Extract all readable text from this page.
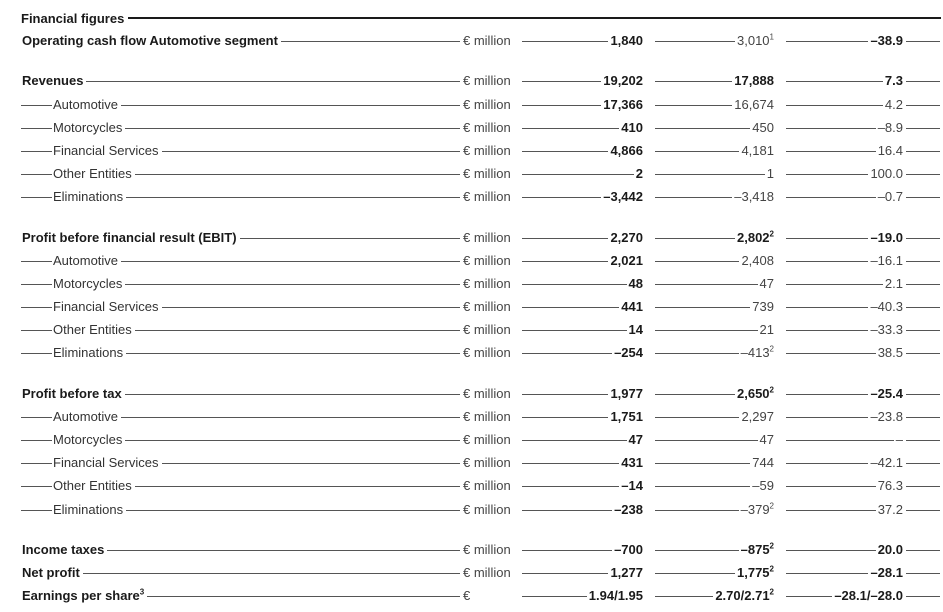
Financial figures
Operating cash flow Automotive segment	€ million	1,840	3,010$^1$	–38.9
Revenues	€ million	19,202	17,888	7.3
Automotive	€ million	17,366	16,674	4.2
Motorcycles	€ million	410	450	–8.9
Financial Services	€ million	4,866	4,181	16.4
Other Entities	€ million	2	1	100.0
Eliminations	€ million	–3,442	–3,418	–0.7
Profit before financial result (EBIT)	€ million	2,270	2,802$^2$	–19.0
Automotive	€ million	2,021	2,408	–16.1
Motorcycles	€ million	48	47	2.1
Financial Services	€ million	441	739	–40.3
Other Entities	€ million	14	21	–33.3
Eliminations	€ million	–254	$-413^2$	38.5
Profit before tax	€ million	1,977	2,650$^2$	–25.4
Automotive	€ million	1,751	2,297	–23.8
Motorcycles	€ million	47	47	–
Financial Services	€ million	431	744	–42.1
Other Entities	€ million	–14	–59	76.3
Eliminations	€ million	–238	$-379^2$	37.2
Income taxes	€ million	–700	$-875^2$	20.0
Net profit	€ million	1,277	1,775$^2$	–28.1
Earnings per share$^3$	€	1.94/1.95	2.70/2.71$^2$	–28.1/–28.0
